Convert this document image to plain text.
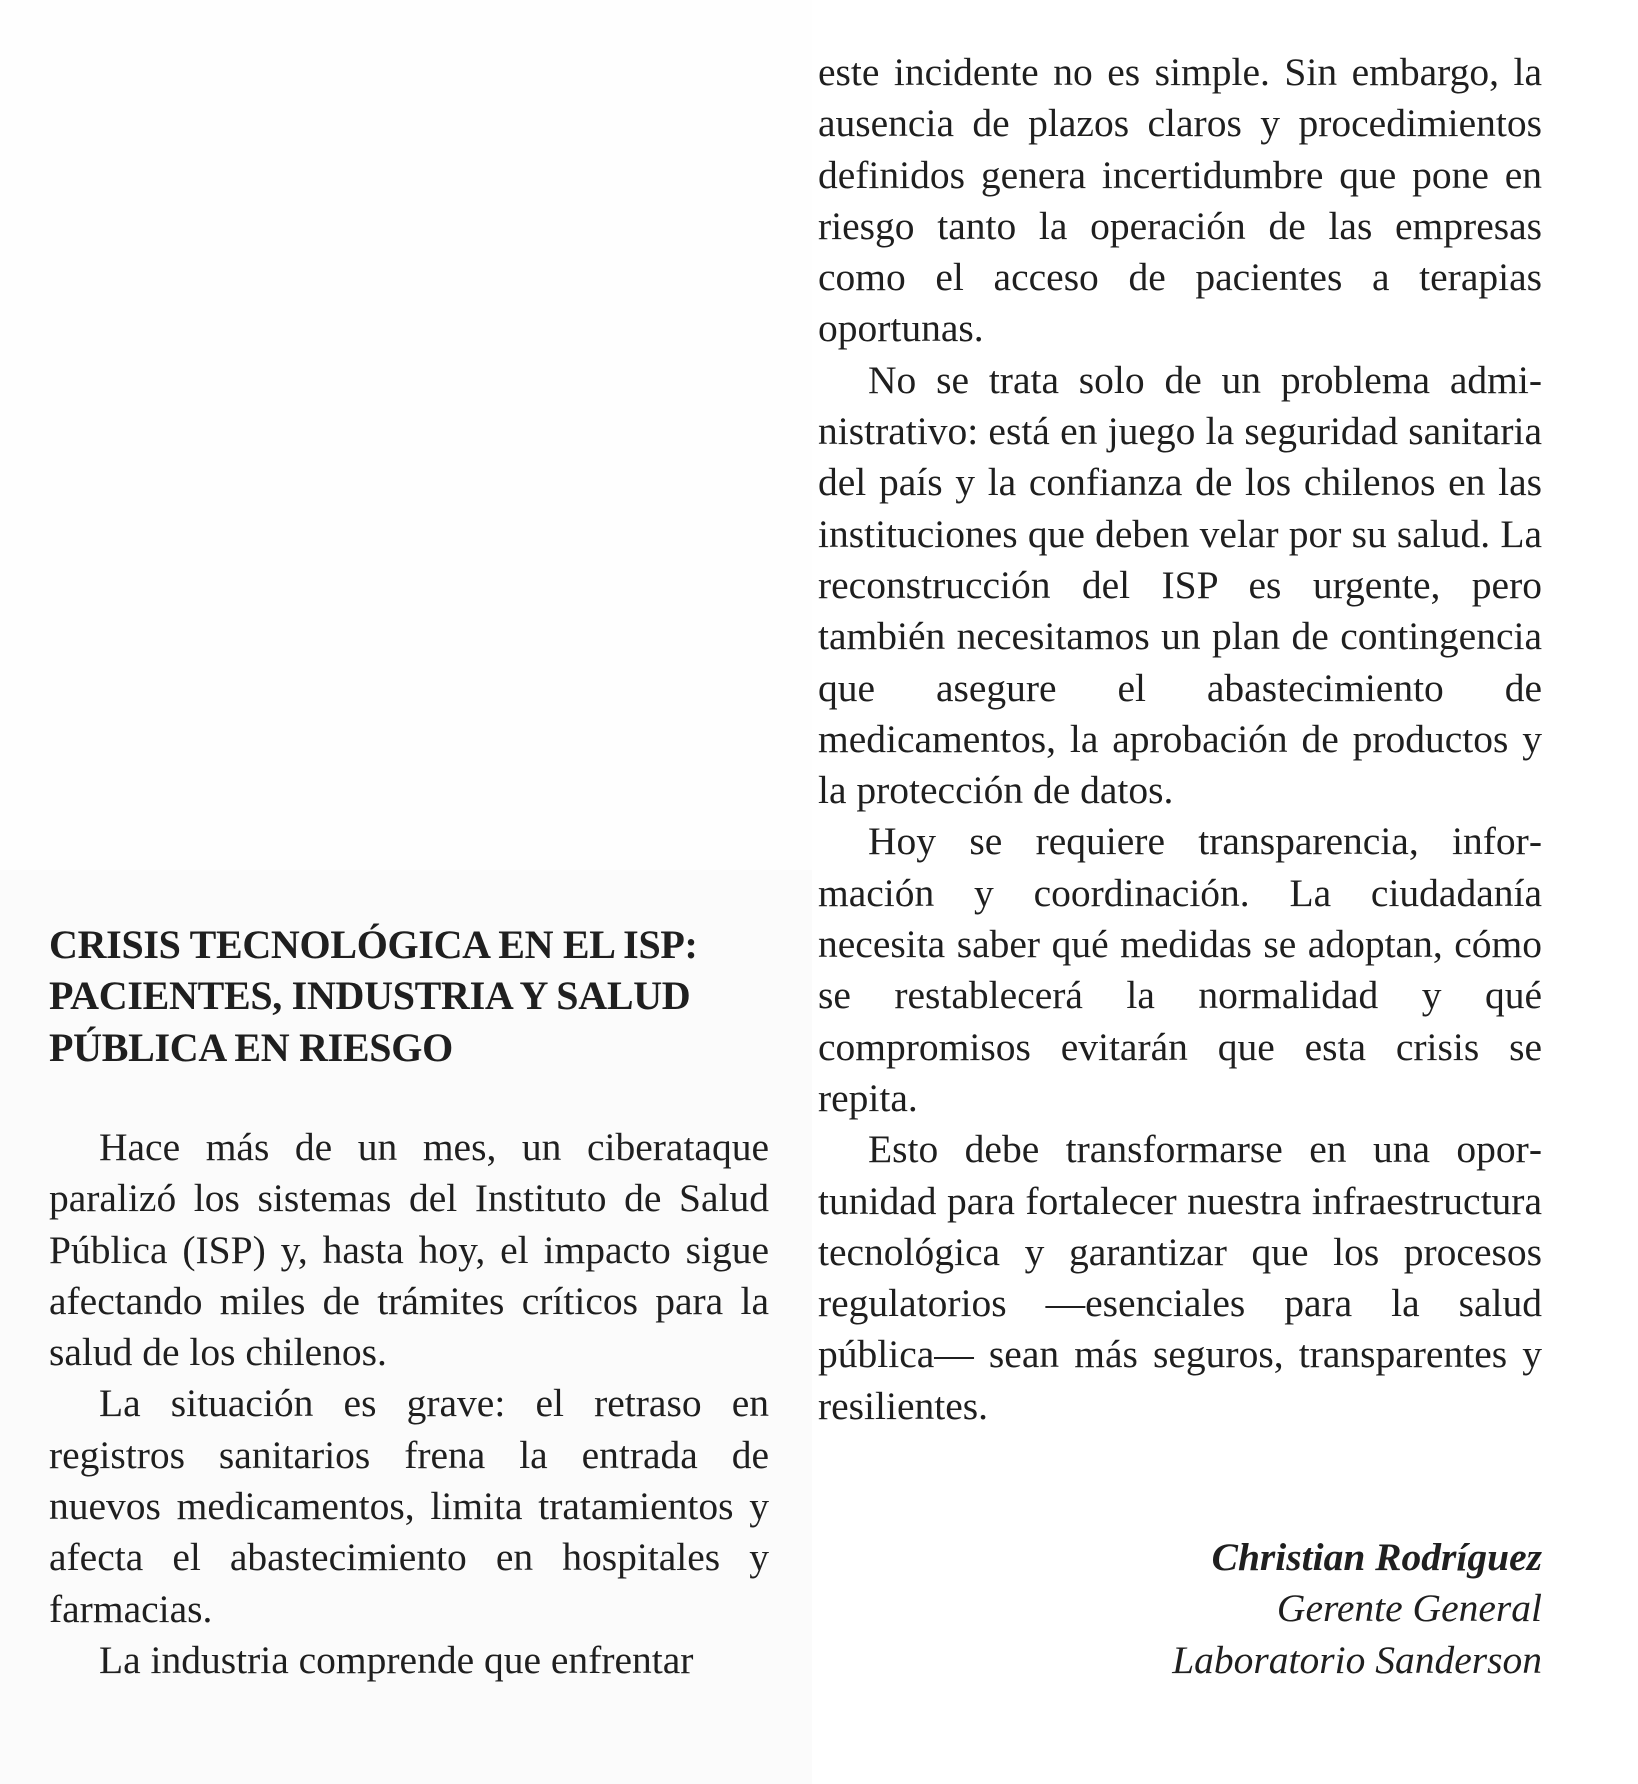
CRISIS TECNOLÓGICA EN EL ISP:
PACIENTES, INDUSTRIA Y SALUD
PÚBLICA EN RIESGO

Hace más de un mes, un ciberataque paralizó los sistemas del Instituto de Salud Pública (ISP) y, hasta hoy, el impacto sigue afectando miles de trámites críticos para la salud de los chilenos.

La situación es grave: el retraso en registros sanitarios frena la entrada de nuevos medicamentos, limita tratamientos y afecta el abastecimiento en hospitales y farmacias.

La industria comprende que enfrentar

este incidente no es simple. Sin embargo, la ausencia de plazos claros y procedimientos definidos genera incertidumbre que pone en riesgo tanto la operación de las empresas como el acceso de pacientes a terapias oportunas.

No se trata solo de un problema administrativo: está en juego la seguridad sanitaria del país y la confianza de los chilenos en las instituciones que deben velar por su salud. La reconstrucción del ISP es urgente, pero también necesitamos un plan de contingencia que asegure el abastecimiento de medicamentos, la aprobación de productos y la protección de datos.

Hoy se requiere transparencia, información y coordinación. La ciudadanía necesita saber qué medidas se adoptan, cómo se restablecerá la normalidad y qué compromisos evitarán que esta crisis se repita.

Esto debe transformarse en una oportunidad para fortalecer nuestra infraestructura tecnológica y garantizar que los procesos regulatorios —esenciales para la salud pública— sean más seguros, transparentes y resilientes.

Christian Rodríguez
Gerente General
Laboratorio Sanderson
